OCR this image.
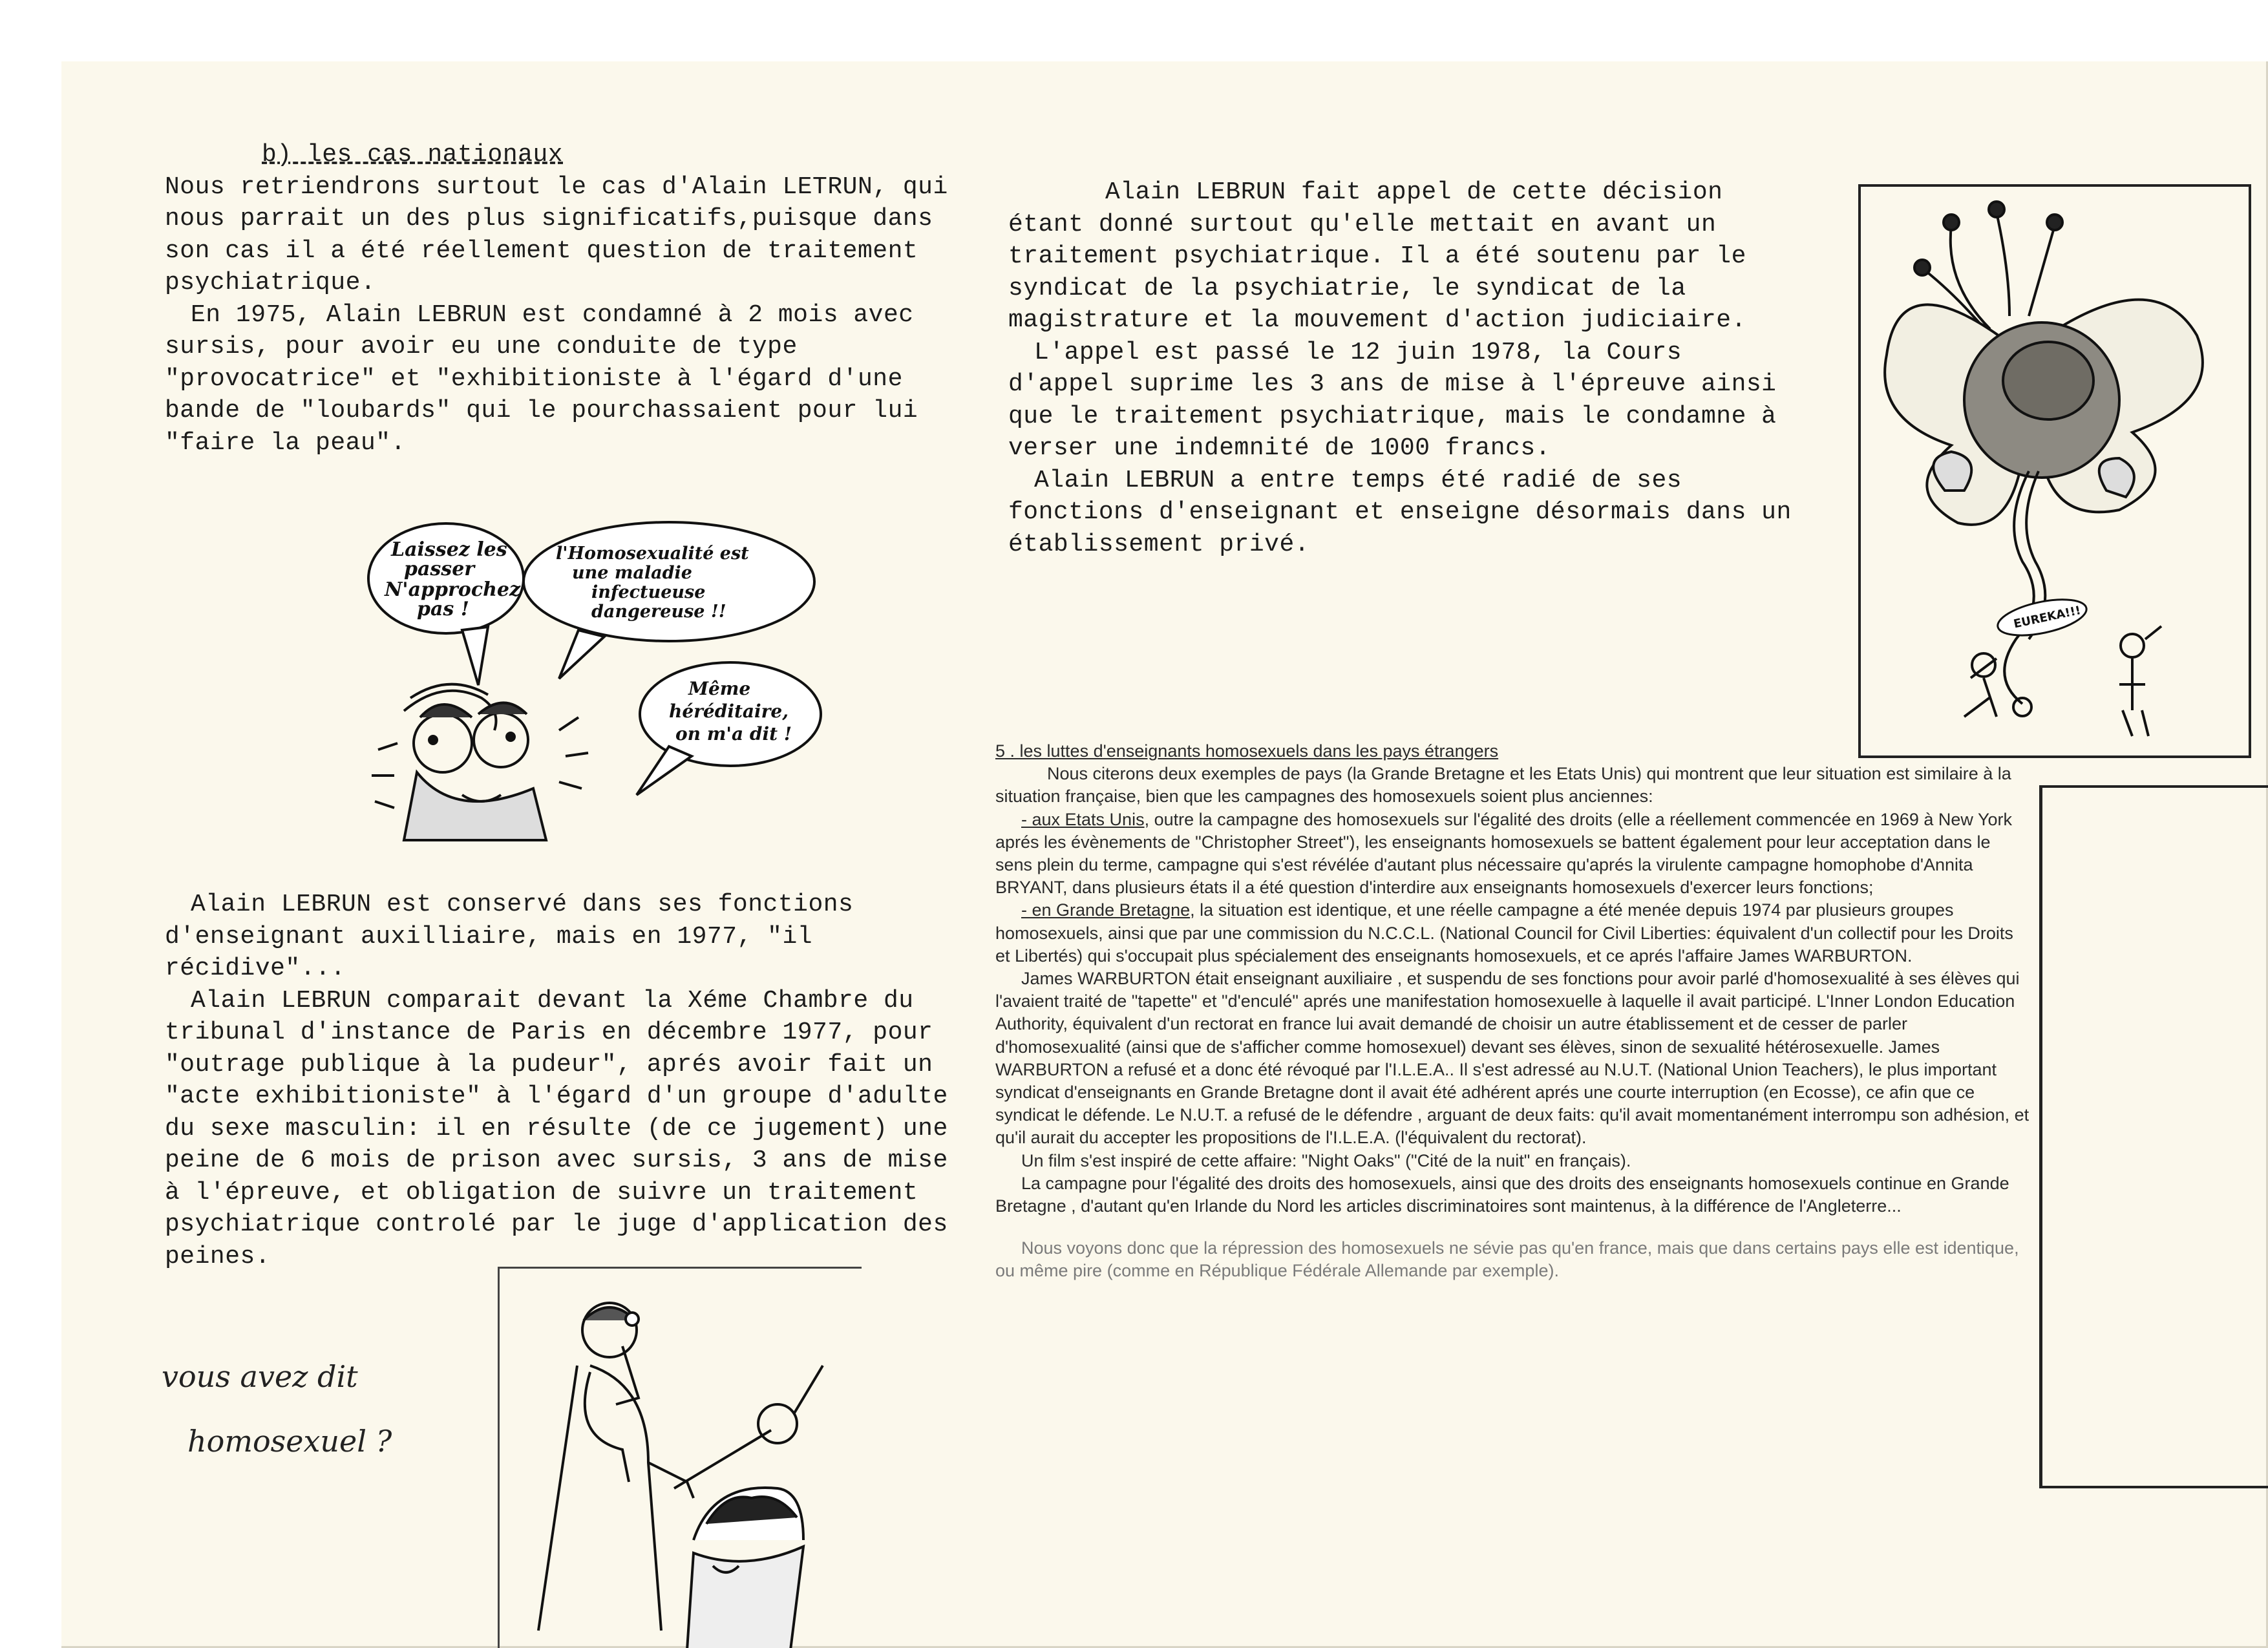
b) les cas nationaux

Nous retriendrons surtout le cas d'Alain LETRUN, qui nous parrait un des plus significatifs,puisque dans son cas il a été réellement question de traitement psychiatrique.

En 1975, Alain LEBRUN est condamné à 2 mois avec sursis, pour avoir eu une conduite de type "provocatrice" et "exhibitioniste à l'égard d'une bande de "loubards" qui le pourchassaient pour lui "faire la peau".

Laissez les passer N'approchez pas !
l'Homosexualité est une maladie infectueuse dangereuse !!
Même héréditaire, on m'a dit !

Alain LEBRUN est conservé dans ses fonctions d'enseignant auxilliaire, mais en 1977, "il récidive"...

Alain LEBRUN comparait devant la Xéme Chambre du tribunal d'instance de Paris en décembre 1977, pour "outrage publique à la pudeur", aprés avoir fait un "acte exhibitioniste" à l'égard d'un groupe d'adulte du sexe masculin: il en résulte (de ce jugement) une peine de 6 mois de prison avec sursis, 3 ans de mise à l'épreuve, et obligation de suivre un traitement psychiatrique controlé par le juge d'application des peines.

vous avez dit
homosexuel ?

Alain LEBRUN fait appel de cette décision étant donné surtout qu'elle mettait en avant un traitement psychiatrique. Il a été soutenu par le syndicat de la psychiatrie, le syndicat de la magistrature et la mouvement d'action judiciaire.

L'appel est passé le 12 juin 1978, la Cours d'appel suprime les 3 ans de mise à l'épreuve ainsi que le traitement psychiatrique, mais le condamne à verser une indemnité de 1000 francs.

Alain LEBRUN a entre temps été radié de ses fonctions d'enseignant et enseigne désormais dans un établissement privé.

EUREKA!!!

5 . les luttes d'enseignants homosexuels dans les pays étrangers

Nous citerons deux exemples de pays (la Grande Bretagne et les Etats Unis) qui montrent que leur situation est similaire à la situation française, bien que les campagnes des homosexuels soient plus anciennes:

- aux Etats Unis, outre la campagne des homosexuels sur l'égalité des droits (elle a réellement commencée en 1969 à New York aprés les évènements de "Christopher Street"), les enseignants homosexuels se battent également pour leur acceptation dans le sens plein du terme, campagne qui s'est révélée d'autant plus nécessaire qu'aprés la virulente campagne homophobe d'Annita BRYANT, dans plusieurs états il a été question d'interdire aux enseignants homosexuels d'exercer leurs fonctions;

- en Grande Bretagne, la situation est identique, et une réelle campagne a été menée depuis 1974 par plusieurs groupes homosexuels, ainsi que par une commission du N.C.C.L. (National Council for Civil Liberties: équivalent d'un collectif pour les Droits et Libertés) qui s'occupait plus spécialement des enseignants homosexuels, et ce aprés l'affaire James WARBURTON.

James WARBURTON était enseignant auxiliaire , et suspendu de ses fonctions pour avoir parlé d'homosexualité à ses élèves qui l'avaient traité de "tapette" et "d'enculé" aprés une manifestation homosexuelle à laquelle il avait participé. L'Inner London Education Authority, équivalent d'un rectorat en france lui avait demandé de choisir un autre établissement et de cesser de parler d'homosexualité (ainsi que de s'afficher comme homosexuel) devant ses élèves, sinon de sexualité hétérosexuelle. James WARBURTON a refusé et a donc été révoqué par l'I.L.E.A.. Il s'est adressé au N.U.T. (National Union Teachers), le plus important syndicat d'enseignants en Grande Bretagne dont il avait été adhérent aprés une courte interruption (en Ecosse), ce afin que ce syndicat le défende. Le N.U.T. a refusé de le défendre , arguant de deux faits: qu'il avait momentanément interrompu son adhésion, et qu'il aurait du accepter les propositions de l'I.L.E.A. (l'équivalent du rectorat).

Un film s'est inspiré de cette affaire: "Night Oaks" ("Cité de la nuit" en français).

La campagne pour l'égalité des droits des homosexuels, ainsi que des droits des enseignants homosexuels continue en Grande Bretagne , d'autant qu'en Irlande du Nord les articles discriminatoires sont maintenus, à la différence de l'Angleterre...

Nous voyons donc que la répression des homosexuels ne sévie pas qu'en france, mais que dans certains pays elle est identique, ou même pire (comme en République Fédérale Allemande par exemple).
